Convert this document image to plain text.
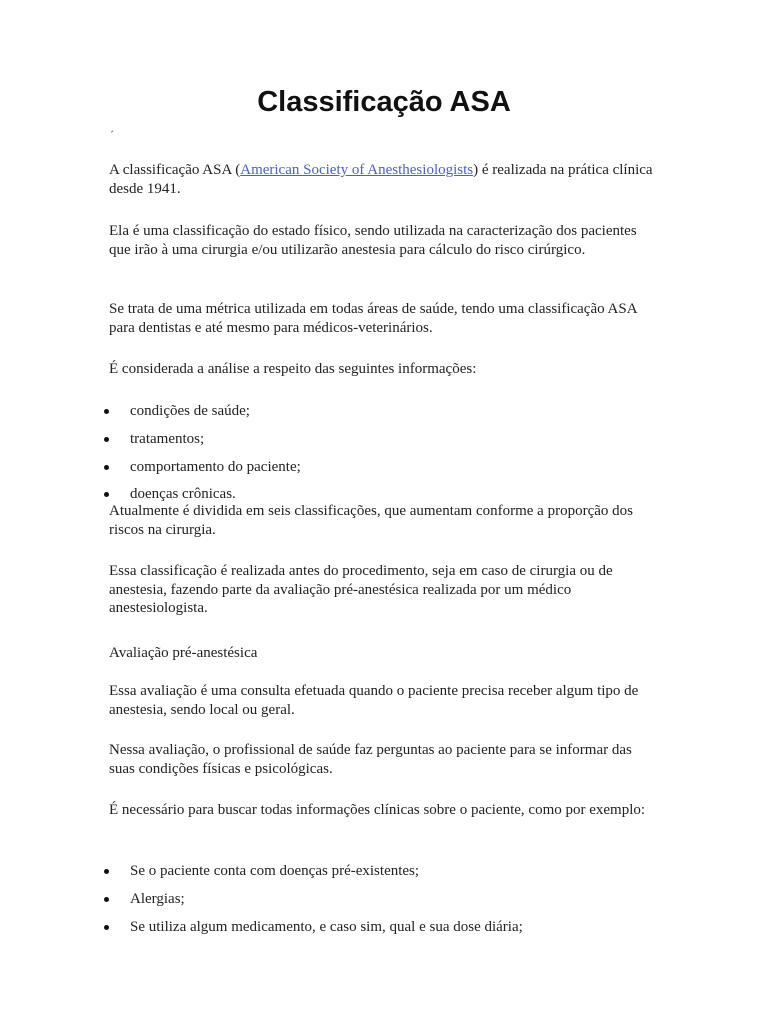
Classificação ASA
´

A classificação ASA (American Society of Anesthesiologists) é realizada na prática clínica desde 1941.

Ela é uma classificação do estado físico, sendo utilizada na caracterização dos pacientes que irão à uma cirurgia e/ou utilizarão anestesia para cálculo do risco cirúrgico.

Se trata de uma métrica utilizada em todas áreas de saúde, tendo uma classificação ASA para dentistas e até mesmo para médicos-veterinários.

É considerada a análise a respeito das seguintes informações:

condições de saúde;

tratamentos;

comportamento do paciente;

doenças crônicas.

Atualmente é dividida em seis classificações, que aumentam conforme a proporção dos riscos na cirurgia.

Essa classificação é realizada antes do procedimento, seja em caso de cirurgia ou de anestesia, fazendo parte da avaliação pré-anestésica realizada por um médico anestesiologista.

Avaliação pré-anestésica

Essa avaliação é uma consulta efetuada quando o paciente precisa receber algum tipo de anestesia, sendo local ou geral.

Nessa avaliação, o profissional de saúde faz perguntas ao paciente para se informar das suas condições físicas e psicológicas.

É necessário para buscar todas informações clínicas sobre o paciente, como por exemplo:

Se o paciente conta com doenças pré-existentes;

Alergias;

Se utiliza algum medicamento, e caso sim, qual e sua dose diária;
